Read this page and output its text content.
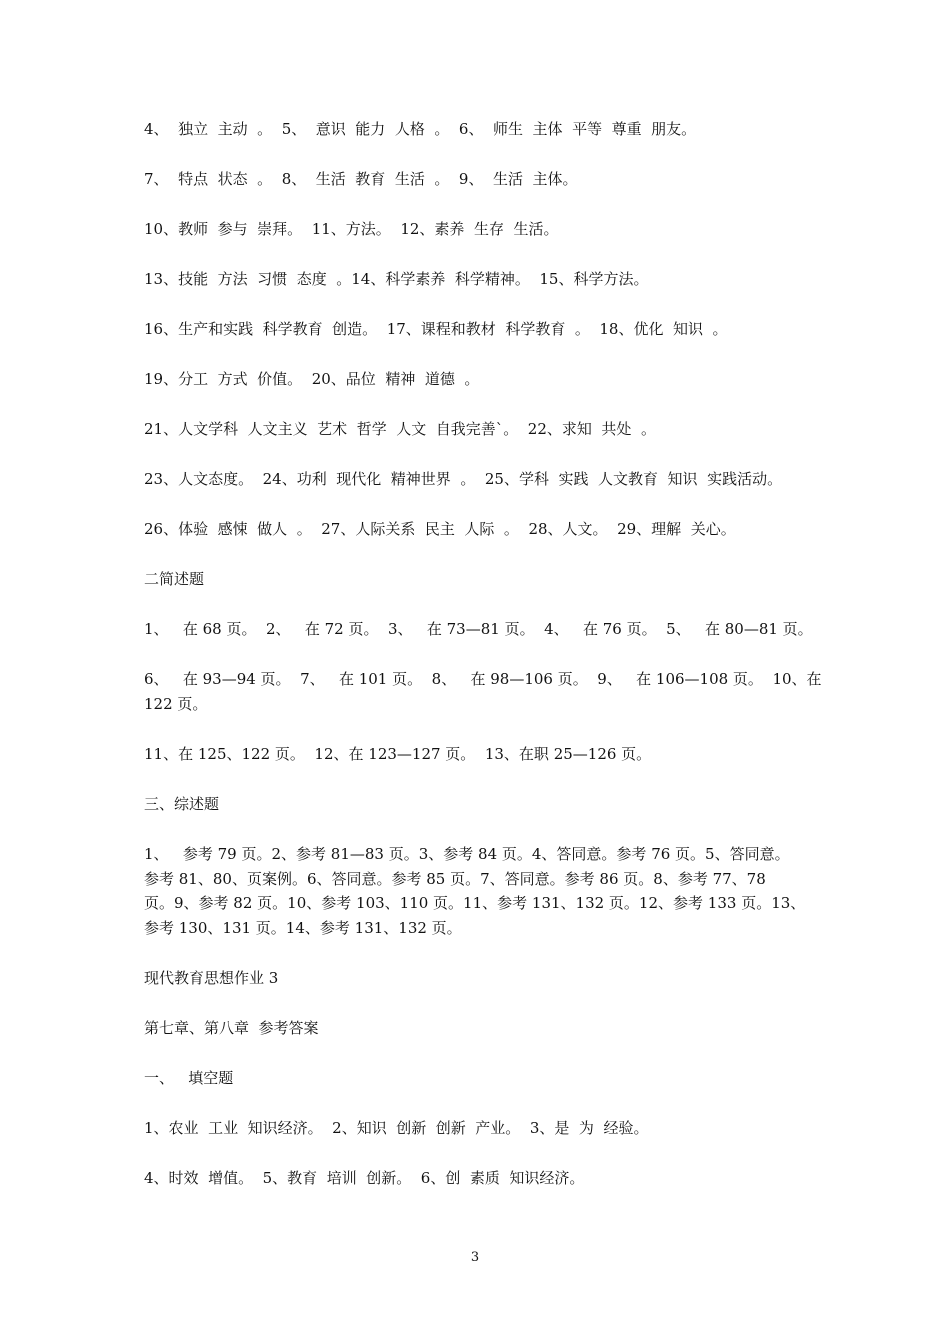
4、  独立  主动  。  5、  意识  能力  人格  。  6、  师生  主体  平等  尊重  朋友。
7、  特点  状态  。  8、  生活  教育  生活  。  9、  生活  主体。
10、教师  参与  崇拜。  11、方法。  12、素养  生存  生活。
13、技能  方法  习惯  态度  。14、科学素养  科学精神。  15、科学方法。
16、生产和实践  科学教育  创造。  17、课程和教材  科学教育  。  18、优化  知识  。
19、分工  方式  价值。  20、品位  精神  道德  。
21、人文学科  人文主义  艺术  哲学  人文  自我完善`。  22、求知  共处  。
23、人文态度。  24、功利  现代化  精神世界  。  25、学科  实践  人文教育  知识  实践活动。
26、体验  感悚  做人  。  27、人际关系  民主  人际  。  28、人文。  29、理解  关心。
二简述题
1、   在 68 页。  2、   在 72 页。  3、   在 73—81 页。  4、   在 76 页。  5、   在 80—81 页。
6、   在 93—94 页。  7、   在 101 页。  8、   在 98—106 页。  9、   在 106—108 页。  10、在
122 页。
11、在 125、122 页。  12、在 123—127 页。  13、在职 25—126 页。
三、综述题
1、   参考 79 页。2、参考 81—83 页。3、参考 84 页。4、答同意。参考 76 页。5、答同意。
参考 81、80、页案例。6、答同意。参考 85 页。7、答同意。参考 86 页。8、参考 77、78
页。9、参考 82 页。10、参考 103、110 页。11、参考 131、132 页。12、参考 133 页。13、
参考 130、131 页。14、参考 131、132 页。
现代教育思想作业 3
第七章、第八章  参考答案
一、   填空题
1、农业  工业  知识经济。  2、知识  创新  创新  产业。  3、是  为  经验。
4、时效  增值。  5、教育  培训  创新。  6、创  素质  知识经济。
3
